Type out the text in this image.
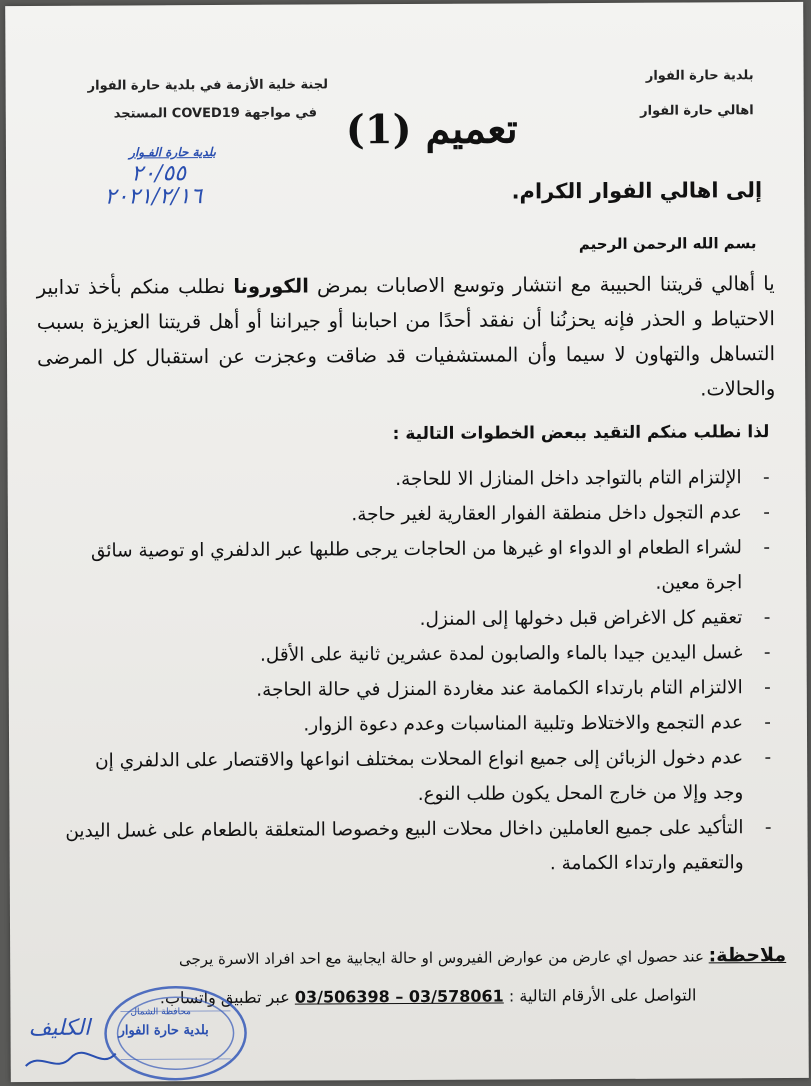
بلدية حارة الفوار
اهالي حارة الفوار
لجنة خلية الأزمة في بلدية حارة الفوار
في مواجهة COVED19 المستجد تعميم (1)
بلدية حارة الفـوار
٢٠/٥٥
٢٠٢١/٢/١٦	إلى اهالي الفوار الكرام.
بسم الله الرحمن الرحيم
يا أهالي قريتنا الحبيبة مع انتشار وتوسع الاصابات بمرض الكورونا نطلب منكم بأخذ تدابير الاحتياط و الحذر فإنه يحزنُنا أن نفقد أحدًا من احبابنا أو جيراننا أو أهل قريتنا العزيزة بسبب التساهل والتهاون لا سيما وأن المستشفيات قد ضاقت وعجزت عن استقبال كل المرضى والحالات.
لذا نطلب منكم التقيد ببعض الخطوات التالية :
- الإلتزام التام بالتواجد داخل المنازل الا للحاجة.
- عدم التجول داخل منطقة الفوار العقارية لغير حاجة.
- لشراء الطعام او الدواء او غيرها من الحاجات يرجى طلبها عبر الدلفري او توصية سائق اجرة معين.
- تعقيم كل الاغراض قبل دخولها إلى المنزل.
- غسل اليدين جيدا بالماء والصابون لمدة عشرين ثانية على الأقل.
- الالتزام التام بارتداء الكمامة عند مغاردة المنزل في حالة الحاجة.
- عدم التجمع والاختلاط وتلبية المناسبات وعدم دعوة الزوار.
- عدم دخول الزبائن إلى جميع انواع المحلات بمختلف انواعها والاقتصار على الدلفري إن وجد وإلا من خارج المحل يكون طلب النوع.
- التأكيد على جميع العاملين داخال محلات البيع وخصوصا المتعلقة بالطعام على غسل اليدين والتعقيم وارتداء الكمامة .
ملاحظة: عند حصول اي عارض من عوارض الفيروس او حالة ايجابية مع احد افراد الاسرة يرجى
التواصل على الأرقام التالية : 03/506398 – 03/578061 عبر تطبيق واتساب.
محافظة الشمال
بلدية حارة الفوار
الكليف
